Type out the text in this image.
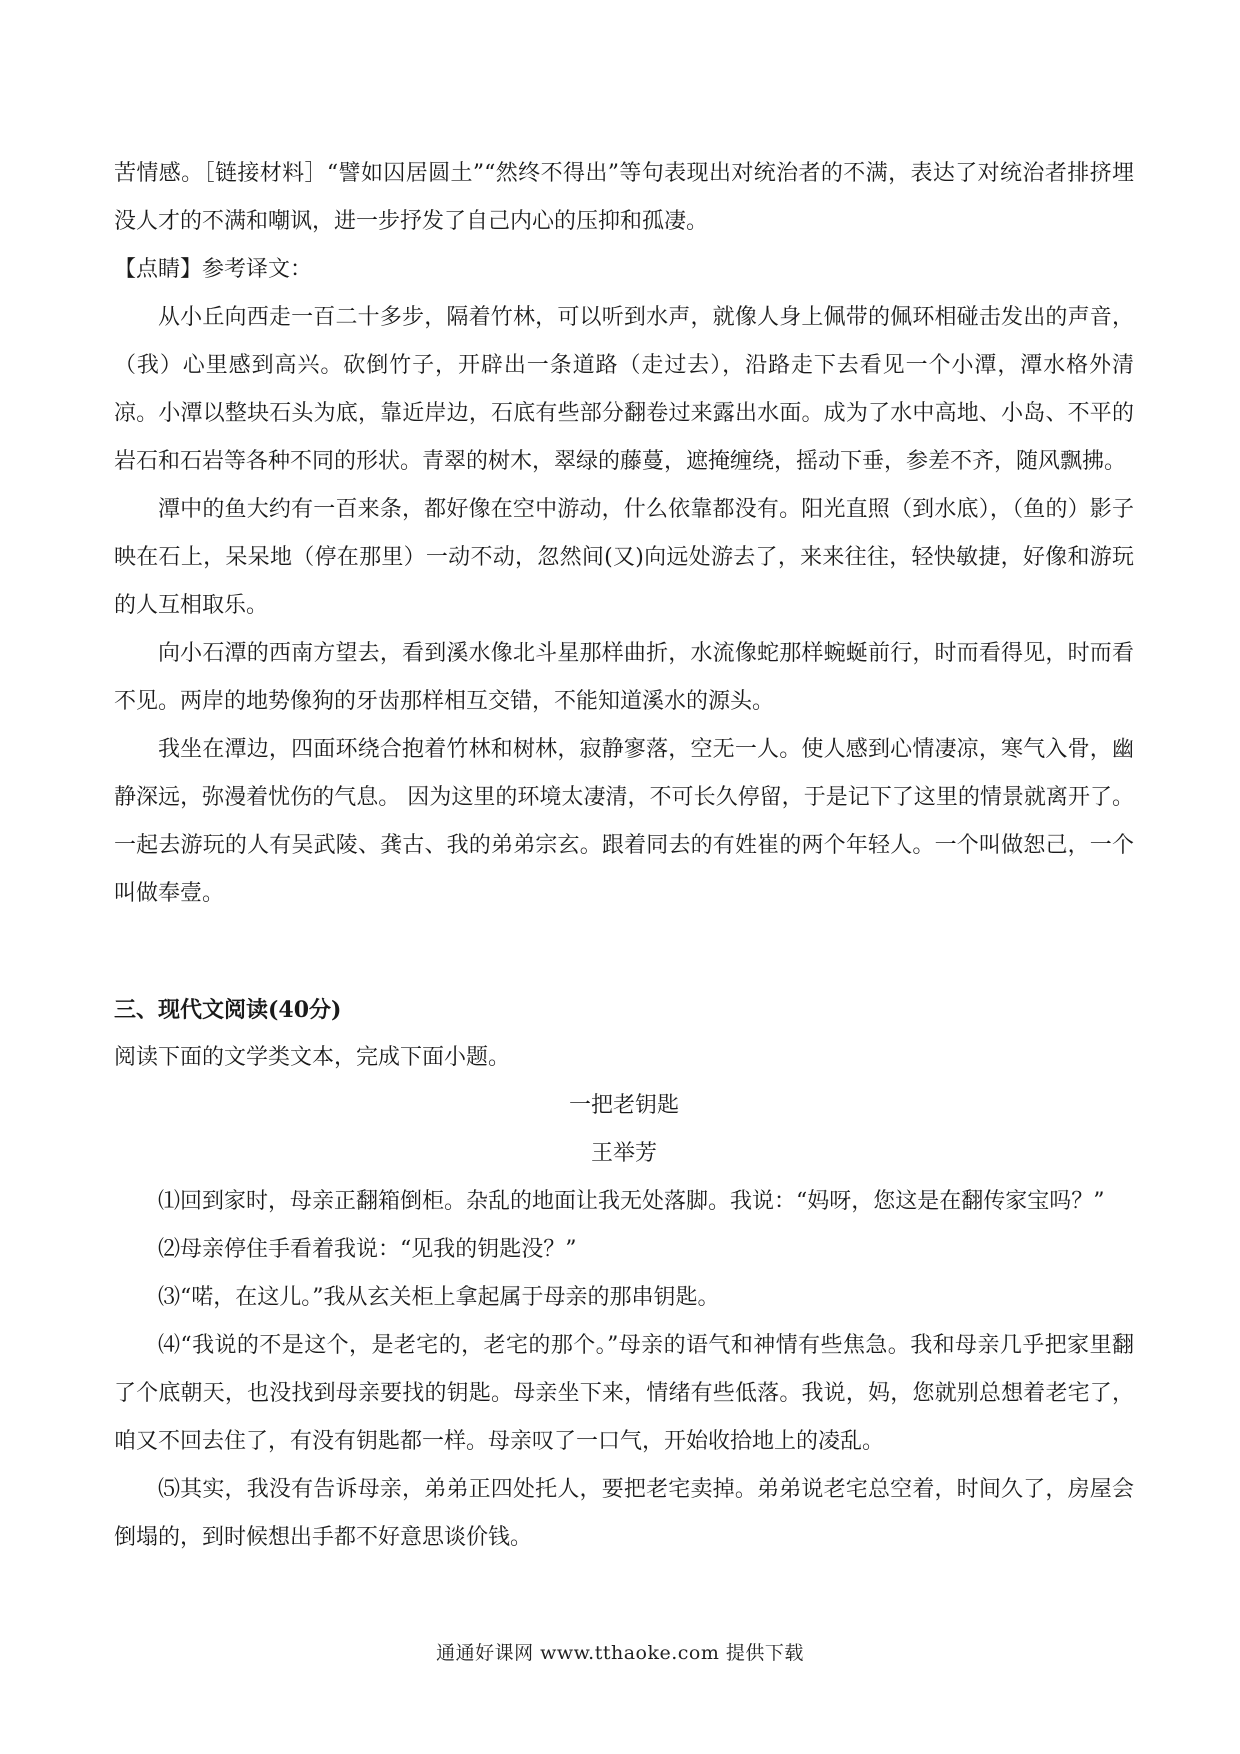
苦情感。［链接材料］“譬如囚居圆土”“然终不得出”等句表现出对统治者的不满，表达了对统治者排挤埋没人才的不满和嘲讽，进一步抒发了自己内心的压抑和孤凄。

【点睛】参考译文：

从小丘向西走一百二十多步，隔着竹林，可以听到水声，就像人身上佩带的佩环相碰击发出的声音，（我）心里感到高兴。砍倒竹子，开辟出一条道路（走过去），沿路走下去看见一个小潭，潭水格外清凉。小潭以整块石头为底，靠近岸边，石底有些部分翻卷过来露出水面。成为了水中高地、小岛、不平的岩石和石岩等各种不同的形状。青翠的树木，翠绿的藤蔓，遮掩缠绕，摇动下垂，参差不齐，随风飘拂。

潭中的鱼大约有一百来条，都好像在空中游动，什么依靠都没有。阳光直照（到水底），（鱼的）影子映在石上，呆呆地（停在那里）一动不动，忽然间(又)向远处游去了，来来往往，轻快敏捷，好像和游玩的人互相取乐。

向小石潭的西南方望去，看到溪水像北斗星那样曲折，水流像蛇那样蜿蜒前行，时而看得见，时而看不见。两岸的地势像狗的牙齿那样相互交错，不能知道溪水的源头。

我坐在潭边，四面环绕合抱着竹林和树林，寂静寥落，空无一人。使人感到心情凄凉，寒气入骨，幽静深远，弥漫着忧伤的气息。 因为这里的环境太凄清，不可长久停留，于是记下了这里的情景就离开了。一起去游玩的人有吴武陵、龚古、我的弟弟宗玄。跟着同去的有姓崔的两个年轻人。一个叫做恕己，一个叫做奉壹。

三、现代文阅读(40分)

阅读下面的文学类文本，完成下面小题。

一把老钥匙

王举芳

⑴回到家时，母亲正翻箱倒柜。杂乱的地面让我无处落脚。我说：“妈呀，您这是在翻传家宝吗？”

⑵母亲停住手看着我说：“见我的钥匙没？”

⑶“喏，在这儿。”我从玄关柜上拿起属于母亲的那串钥匙。

⑷“我说的不是这个，是老宅的，老宅的那个。”母亲的语气和神情有些焦急。我和母亲几乎把家里翻了个底朝天，也没找到母亲要找的钥匙。母亲坐下来，情绪有些低落。我说，妈，您就别总想着老宅了，咱又不回去住了，有没有钥匙都一样。母亲叹了一口气，开始收拾地上的凌乱。

⑸其实，我没有告诉母亲，弟弟正四处托人，要把老宅卖掉。弟弟说老宅总空着，时间久了，房屋会倒塌的，到时候想出手都不好意思谈价钱。

通通好课网 www.tthaoke.com 提供下载
